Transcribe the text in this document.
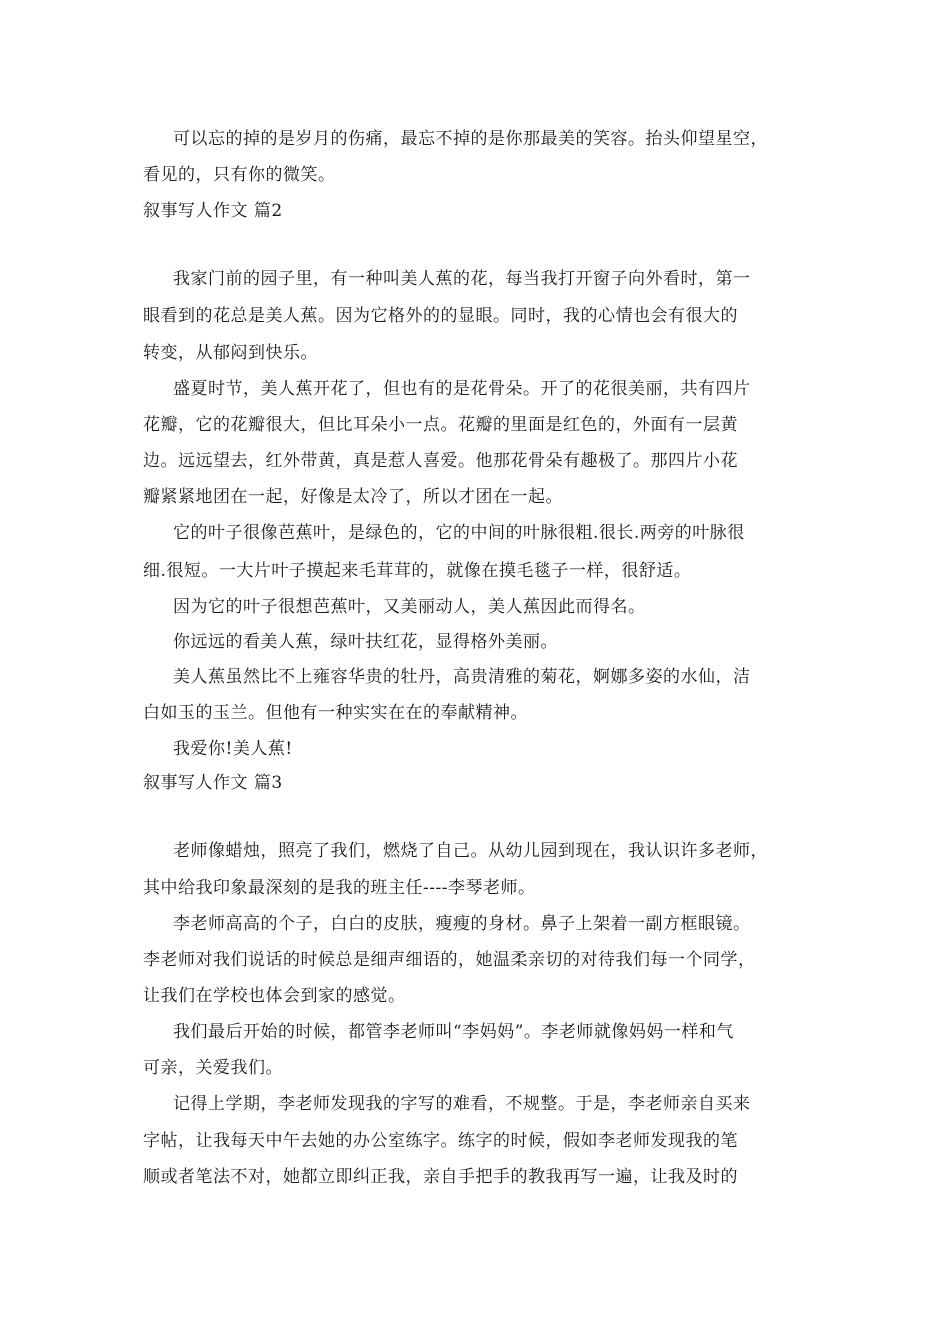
可以忘的掉的是岁月的伤痛，最忘不掉的是你那最美的笑容。抬头仰望星空，
看见的，只有你的微笑。
叙事写人作文 篇2
我家门前的园子里，有一种叫美人蕉的花，每当我打开窗子向外看时，第一
眼看到的花总是美人蕉。因为它格外的的显眼。同时，我的心情也会有很大的
转变，从郁闷到快乐。
盛夏时节，美人蕉开花了，但也有的是花骨朵。开了的花很美丽，共有四片
花瓣，它的花瓣很大，但比耳朵小一点。花瓣的里面是红色的，外面有一层黄
边。远远望去，红外带黄，真是惹人喜爱。他那花骨朵有趣极了。那四片小花
瓣紧紧地团在一起，好像是太冷了，所以才团在一起。
它的叶子很像芭蕉叶，是绿色的，它的中间的叶脉很粗.很长.两旁的叶脉很
细.很短。一大片叶子摸起来毛茸茸的，就像在摸毛毯子一样，很舒适。
因为它的叶子很想芭蕉叶，又美丽动人，美人蕉因此而得名。
你远远的看美人蕉，绿叶扶红花，显得格外美丽。
美人蕉虽然比不上雍容华贵的牡丹，高贵清雅的菊花，婀娜多姿的水仙，洁
白如玉的玉兰。但他有一种实实在在的奉献精神。
我爱你!美人蕉!
叙事写人作文 篇3
老师像蜡烛，照亮了我们，燃烧了自己。从幼儿园到现在，我认识许多老师，
其中给我印象最深刻的是我的班主任----李琴老师。
李老师高高的个子，白白的皮肤，瘦瘦的身材。鼻子上架着一副方框眼镜。
李老师对我们说话的时候总是细声细语的，她温柔亲切的对待我们每一个同学，
让我们在学校也体会到家的感觉。
我们最后开始的时候，都管李老师叫“李妈妈”。李老师就像妈妈一样和气
可亲，关爱我们。
记得上学期，李老师发现我的字写的难看，不规整。于是，李老师亲自买来
字帖，让我每天中午去她的办公室练字。练字的时候，假如李老师发现我的笔
顺或者笔法不对，她都立即纠正我，亲自手把手的教我再写一遍，让我及时的
